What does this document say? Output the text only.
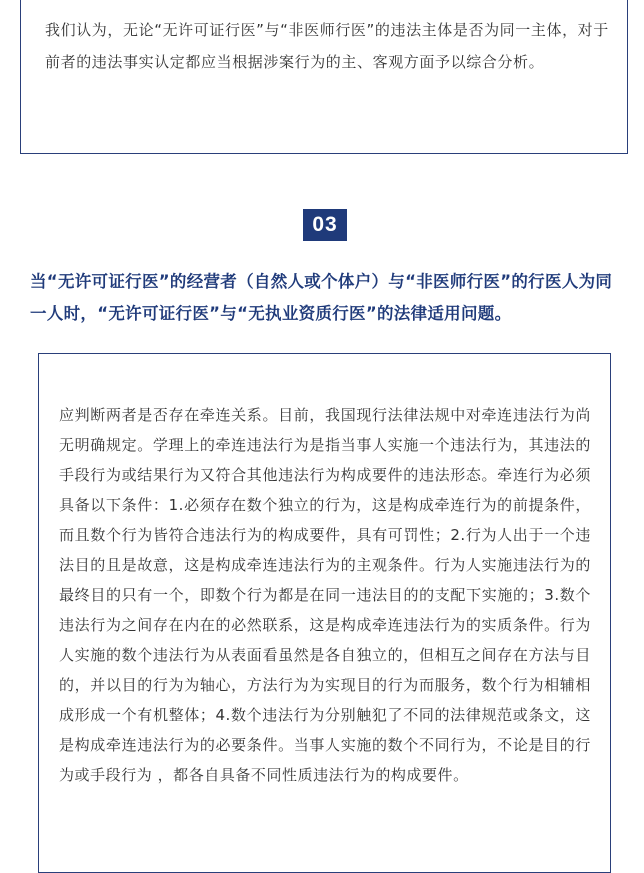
我们认为，无论“无许可证行医”与“非医师行医”的违法主体是否为同一主体，对于前者的违法事实认定都应当根据涉案行为的主、客观方面予以综合分析。

03
当“无许可证行医”的经营者（自然人或个体户）与“非医师行医”的行医人为同一人时，“无许可证行医”与“无执业资质行医”的法律适用问题。

应判断两者是否存在牵连关系。目前，我国现行法律法规中对牵连违法行为尚无明确规定。学理上的牵连违法行为是指当事人实施一个违法行为，其违法的手段行为或结果行为又符合其他违法行为构成要件的违法形态。牵连行为必须具备以下条件：1.必须存在数个独立的行为，这是构成牵连行为的前提条件，而且数个行为皆符合违法行为的构成要件，具有可罚性；2.行为人出于一个违法目的且是故意，这是构成牵连违法行为的主观条件。行为人实施违法行为的最终目的只有一个，即数个行为都是在同一违法目的的支配下实施的；3.数个违法行为之间存在内在的必然联系，这是构成牵连违法行为的实质条件。行为人实施的数个违法行为从表面看虽然是各自独立的，但相互之间存在方法与目的，并以目的行为为轴心，方法行为为实现目的行为而服务，数个行为相辅相成形成一个有机整体；4.数个违法行为分别触犯了不同的法律规范或条文，这是构成牵连违法行为的必要条件。当事人实施的数个不同行为，不论是目的行为或手段行为 ，都各自具备不同性质违法行为的构成要件。
